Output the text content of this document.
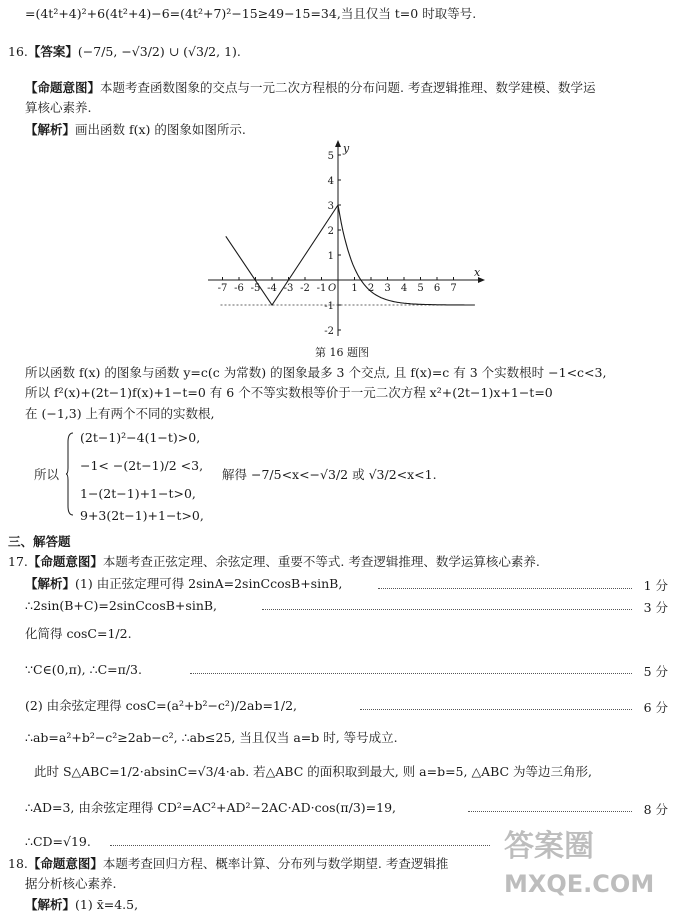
=(4t²+4)²+6(4t²+4)−6=(4t²+7)²−15≥49−15=34,当且仅当 t=0 时取等号.
16.【答案】(−7/5, −√3/2) ∪ (√3/2, 1).
【命题意图】本题考查函数图象的交点与一元二次方程根的分布问题. 考查逻辑推理、数学建模、数学运
算核心素养.
【解析】画出函数 f(x) 的图象如图所示.
-7 -6 -5 -4 -3 -2 -1 1 2 3 4 5 6 7
5
4
3
2
1
-1
-2
x
y
O
第 16 题图
所以函数 f(x) 的图象与函数 y=c(c 为常数) 的图象最多 3 个交点, 且 f(x)=c 有 3 个实数根时 −1<c<3,
所以 f²(x)+(2t−1)f(x)+1−t=0 有 6 个不等实数根等价于一元二次方程 x²+(2t−1)x+1−t=0
在 (−1,3) 上有两个不同的实数根,
所以
(2t−1)²−4(1−t)>0,
−1< −(2t−1)/2 <3,
1−(2t−1)+1−t>0,
9+3(2t−1)+1−t>0,
解得 −7/5<x<−√3/2 或 √3/2<x<1.
三、解答题
17.【命题意图】本题考查正弦定理、余弦定理、重要不等式. 考查逻辑推理、数学运算核心素养.
【解析】(1) 由正弦定理可得 2sinA=2sinCcosB+sinB,	1 分
∴2sin(B+C)=2sinCcosB+sinB,	3 分
化简得 cosC=1/2.
∵C∈(0,π), ∴C=π/3.	5 分
(2) 由余弦定理得 cosC=(a²+b²−c²)/2ab=1/2,	6 分
∴ab=a²+b²−c²≥2ab−c², ∴ab≤25, 当且仅当 a=b 时, 等号成立.
此时 S△ABC=1/2·absinC=√3/4·ab. 若△ABC 的面积取到最大, 则 a=b=5, △ABC 为等边三角形,
∴AD=3, 由余弦定理得 CD²=AC²+AD²−2AC·AD·cos(π/3)=19,	8 分
∴CD=√19.
18.【命题意图】本题考查回归方程、概率计算、分布列与数学期望. 考查逻辑推
据分析核心素养.
【解析】(1) x̄=4.5,
答案圈
MXQE.COM
